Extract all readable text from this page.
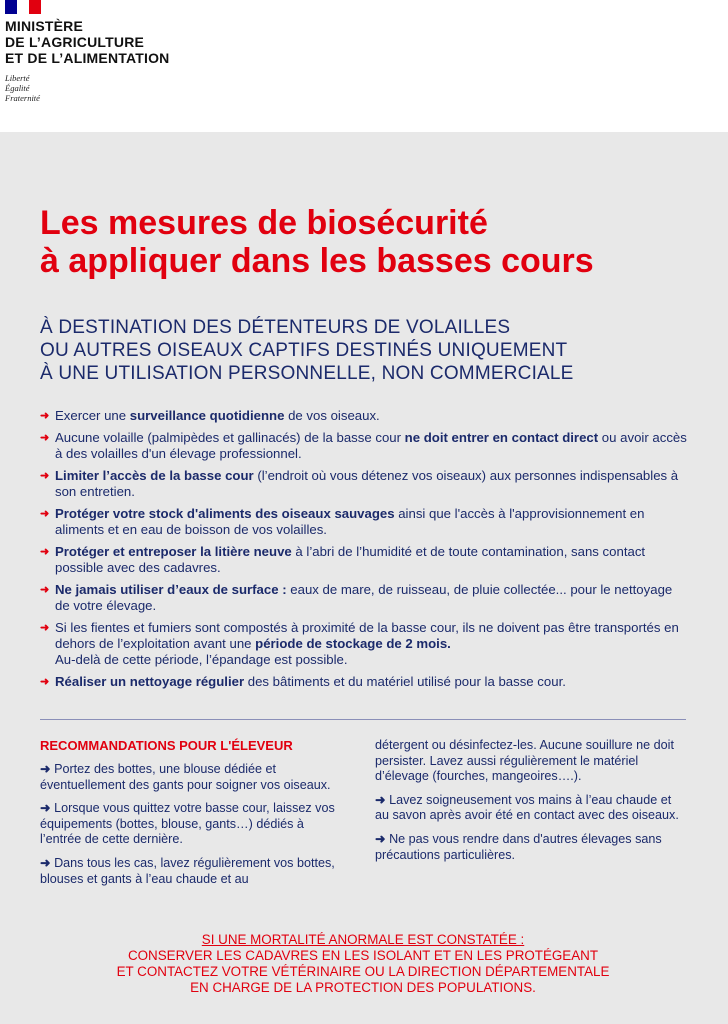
MINISTÈRE
DE L’AGRICULTURE
ET DE L’ALIMENTATION
Liberté
Égalité
Fraternité
Les mesures de biosécurité
à appliquer dans les basses cours
À DESTINATION DES DÉTENTEURS DE VOLAILLES
OU AUTRES OISEAUX CAPTIFS DESTINÉS UNIQUEMENT
À UNE UTILISATION PERSONNELLE, NON COMMERCIALE
➜ Exercer une surveillance quotidienne de vos oiseaux.
➜ Aucune volaille (palmipèdes et gallinacés) de la basse cour ne doit entrer en contact direct ou avoir accès à des volailles d'un élevage professionnel.
➜ Limiter l’accès de la basse cour (l’endroit où vous détenez vos oiseaux) aux personnes indispensables à son entretien.
➜ Protéger votre stock d'aliments des oiseaux sauvages ainsi que l'accès à l'approvisionnement en aliments et en eau de boisson de vos volailles.
➜ Protéger et entreposer la litière neuve à l’abri de l’humidité et de toute contamination, sans contact possible avec des cadavres.
➜ Ne jamais utiliser d’eaux de surface : eaux de mare, de ruisseau, de pluie collectée... pour le nettoyage de votre élevage.
➜ Si les fientes et fumiers sont compostés à proximité de la basse cour, ils ne doivent pas être transportés en dehors de l’exploitation avant une période de stockage de 2 mois.
Au-delà de cette période, l’épandage est possible.
➜ Réaliser un nettoyage régulier des bâtiments et du matériel utilisé pour la basse cour.
RECOMMANDATIONS POUR L'ÉLEVEUR
➜ Portez des bottes, une blouse dédiée et éventuellement des gants pour soigner vos oiseaux.
➜ Lorsque vous quittez votre basse cour, laissez vos équipements (bottes, blouse, gants…) dédiés à l’entrée de cette dernière.
➜ Dans tous les cas, lavez régulièrement vos bottes, blouses et gants à l’eau chaude et au
détergent ou désinfectez-les. Aucune souillure ne doit persister. Lavez aussi régulièrement le matériel d’élevage (fourches, mangeoires….).
➜ Lavez soigneusement vos mains à l’eau chaude et au savon après avoir été en contact avec des oiseaux.
➜ Ne pas vous rendre dans d'autres élevages sans précautions particulières.
SI UNE MORTALITÉ ANORMALE EST CONSTATÉE :
CONSERVER LES CADAVRES EN LES ISOLANT ET EN LES PROTÉGEANT
ET CONTACTEZ VOTRE VÉTÉRINAIRE OU LA DIRECTION DÉPARTEMENTALE
EN CHARGE DE LA PROTECTION DES POPULATIONS.
